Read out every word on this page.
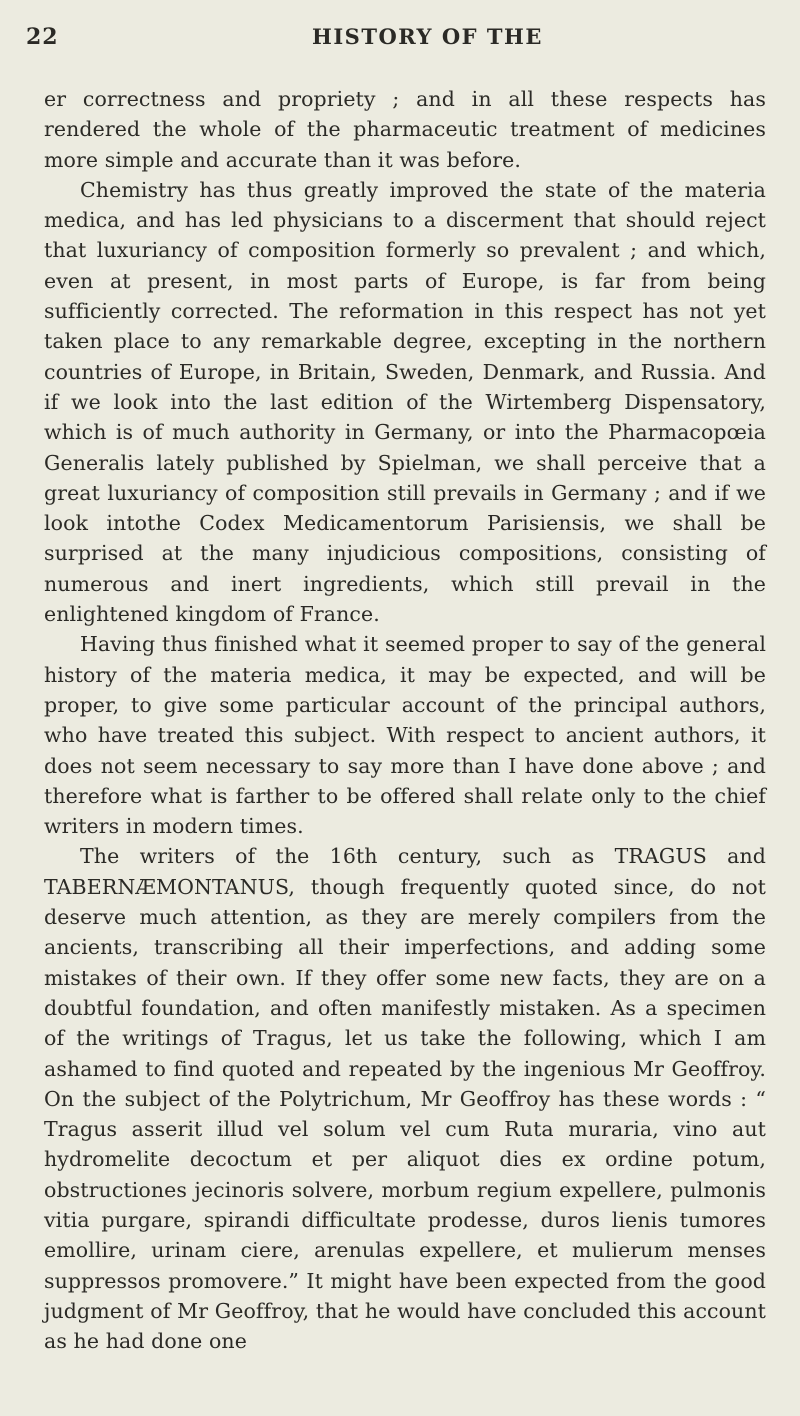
22	HISTORY OF THE

er correctness and propriety ; and in all these respects has rendered the whole of the pharmaceutic treatment of medicines more simple and accurate than it was before.

Chemistry has thus greatly improved the state of the materia medica, and has led physicians to a discerment that should reject that luxuriancy of composition formerly so prevalent ; and which, even at present, in most parts of Europe, is far from being sufficiently corrected. The reformation in this respect has not yet taken place to any remarkable degree, excepting in the northern countries of Europe, in Britain, Sweden, Denmark, and Russia. And if we look into the last edition of the Wirtemberg Dispensatory, which is of much authority in Germany, or into the Pharmacopœia Generalis lately published by Spielman, we shall perceive that a great luxuriancy of composition still prevails in Germany ; and if we look intothe Codex Medicamentorum Parisiensis, we shall be surprised at the many injudicious compositions, consisting of numerous and inert ingredients, which still prevail in the enlightened kingdom of France.

Having thus finished what it seemed proper to say of the general history of the materia medica, it may be expected, and will be proper, to give some particular account of the principal authors, who have treated this subject. With respect to ancient authors, it does not seem necessary to say more than I have done above ; and therefore what is farther to be offered shall relate only to the chief writers in modern times.

The writers of the 16th century, such as TRAGUS and TABERNÆMONTANUS, though frequently quoted since, do not deserve much attention, as they are merely compilers from the ancients, transcribing all their imperfections, and adding some mistakes of their own. If they offer some new facts, they are on a doubtful foundation, and often manifestly mistaken. As a specimen of the writings of Tragus, let us take the following, which I am ashamed to find quoted and repeated by the ingenious Mr Geoffroy. On the subject of the Polytrichum, Mr Geoffroy has these words : “ Tragus asserit illud vel solum vel cum Ruta muraria, vino aut hydromelite decoctum et per aliquot dies ex ordine potum, obstructiones jecinoris solvere, morbum regium expellere, pulmonis vitia purgare, spirandi difficultate prodesse, duros lienis tumores emollire, urinam ciere, arenulas expellere, et mulierum menses suppressos promovere.” It might have been expected from the good judgment of Mr Geoffroy, that he would have concluded this account as he had done one
